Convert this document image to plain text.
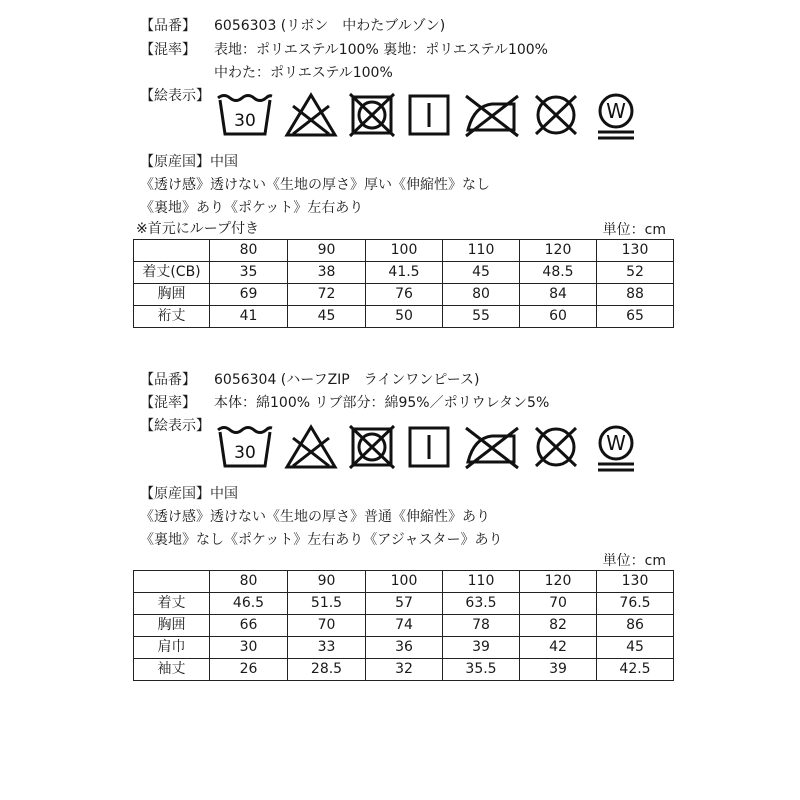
【品番】 6056303 (リボン　中わたブルゾン)
【混率】 表地：ポリエステル100% 裏地：ポリエステル100%
中わた：ポリエステル100%
【絵表示】
30	W
【原産国】中国
《透け感》透けない《生地の厚さ》厚い《伸縮性》なし
《裏地》あり《ポケット》左右あり
※首元にループ付き	単位：cm
	80	90	100	110	120	130
着丈(CB)	35	38	41.5	45	48.5	52
胸囲	69	72	76	80	84	88
裄丈	41	45	50	55	60	65
【品番】 6056304 (ハーフZIP　ラインワンピース)
【混率】 本体：綿100% リブ部分：綿95%／ポリウレタン5%
【絵表示】
30	W
【原産国】中国
《透け感》透けない《生地の厚さ》普通《伸縮性》あり
《裏地》なし《ポケット》左右あり《アジャスター》あり
単位：cm
	80	90	100	110	120	130
着丈	46.5	51.5	57	63.5	70	76.5
胸囲	66	70	74	78	82	86
肩巾	30	33	36	39	42	45
袖丈	26	28.5	32	35.5	39	42.5
